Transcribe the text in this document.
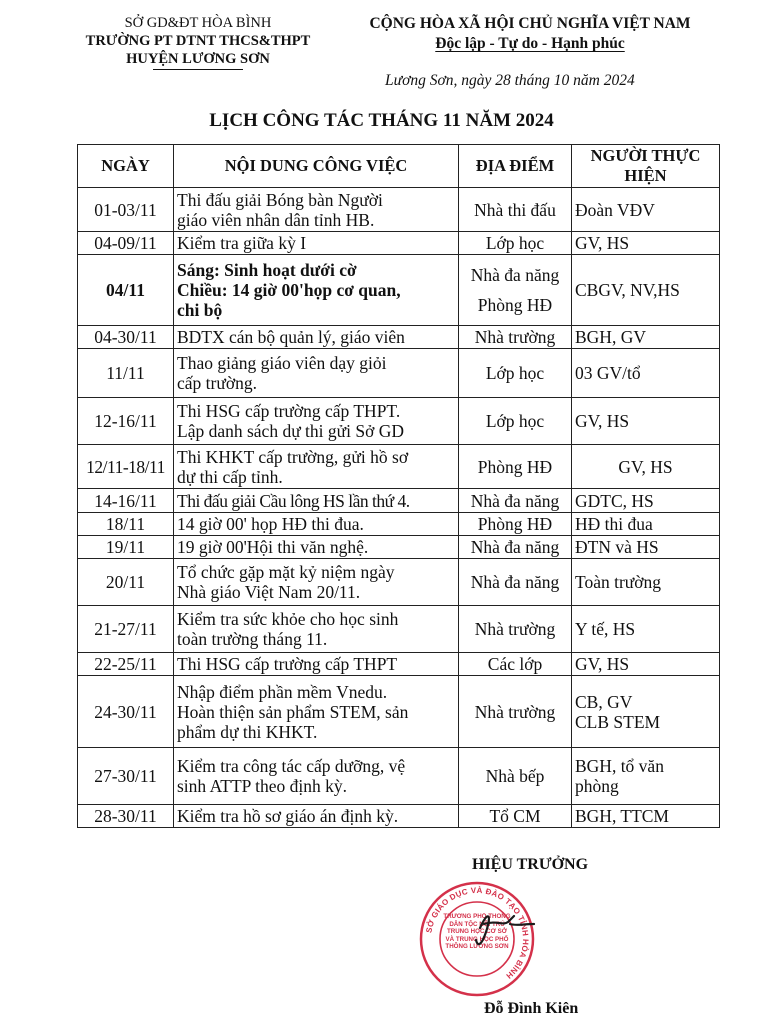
SỞ GD&ĐT HÒA BÌNH
TRƯỜNG PT DTNT THCS&THPT
HUYỆN LƯƠNG SƠN
CỘNG HÒA XÃ HỘI CHỦ NGHĨA VIỆT NAM
Độc lập - Tự do - Hạnh phúc
Lương Sơn, ngày 28 tháng 10 năm 2024
LỊCH CÔNG TÁC THÁNG 11 NĂM 2024
NGÀY	NỘI DUNG CÔNG VIỆC	ĐỊA ĐIỂM	NGƯỜI THỰC HIỆN
01-03/11	Thi đấu giải Bóng bàn Người
giáo viên nhân dân tỉnh HB.	Nhà thi đấu	Đoàn VĐV
04-09/11	Kiểm tra giữa kỳ I	Lớp học	GV, HS
04/11	Sáng: Sinh hoạt dưới cờ
Chiều: 14 giờ 00'họp cơ quan,
chi bộ	Nhà đa năng
Phòng HĐ	CBGV, NV,HS
04-30/11	BDTX cán bộ quản lý, giáo viên	Nhà trường	BGH, GV
11/11	Thao giảng giáo viên dạy giỏi
cấp trường.	Lớp học	03 GV/tổ
12-16/11	Thi HSG cấp trường cấp THPT.
Lập danh sách dự thi gửi Sở GD	Lớp học	GV, HS
12/11-18/11	Thi KHKT cấp trường, gửi hồ sơ
dự thi cấp tỉnh.	Phòng HĐ	GV, HS
14-16/11	Thi đấu giải Cầu lông HS lần thứ 4.	Nhà đa năng	GDTC, HS
18/11	14 giờ 00' họp HĐ thi đua.	Phòng HĐ	HĐ thi đua
19/11	19 giờ 00'Hội thi văn nghệ.	Nhà đa năng	ĐTN và HS
20/11	Tổ chức gặp mặt kỷ niệm ngày
Nhà giáo Việt Nam 20/11.	Nhà đa năng	Toàn trường
21-27/11	Kiểm tra sức khỏe cho học sinh
toàn trường tháng 11.	Nhà trường	Y tế, HS
22-25/11	Thi HSG cấp trường cấp THPT	Các lớp	GV, HS
24-30/11	Nhập điểm phần mềm Vnedu.
Hoàn thiện sản phẩm STEM, sản
phẩm dự thi KHKT.	Nhà trường	CB, GV
CLB STEM

27-30/11	Kiểm tra công tác cấp dưỡng, vệ
sinh ATTP theo định kỳ.	Nhà bếp	BGH, tổ văn
phòng

28-30/11	Kiểm tra hồ sơ giáo án định kỳ.	Tổ CM	BGH, TTCM
HIỆU TRƯỞNG
SỞ GIÁO DỤC VÀ ĐÀO TẠO TỈNH HÒA BÌNH
TRƯỜNG PHỔ THÔNG DÂN TỘC NỘI TRÚ TRUNG HỌC CƠ SỞ VÀ TRUNG HỌC PHỔ THÔNG LƯƠNG SƠN
Đỗ Đình Kiên
